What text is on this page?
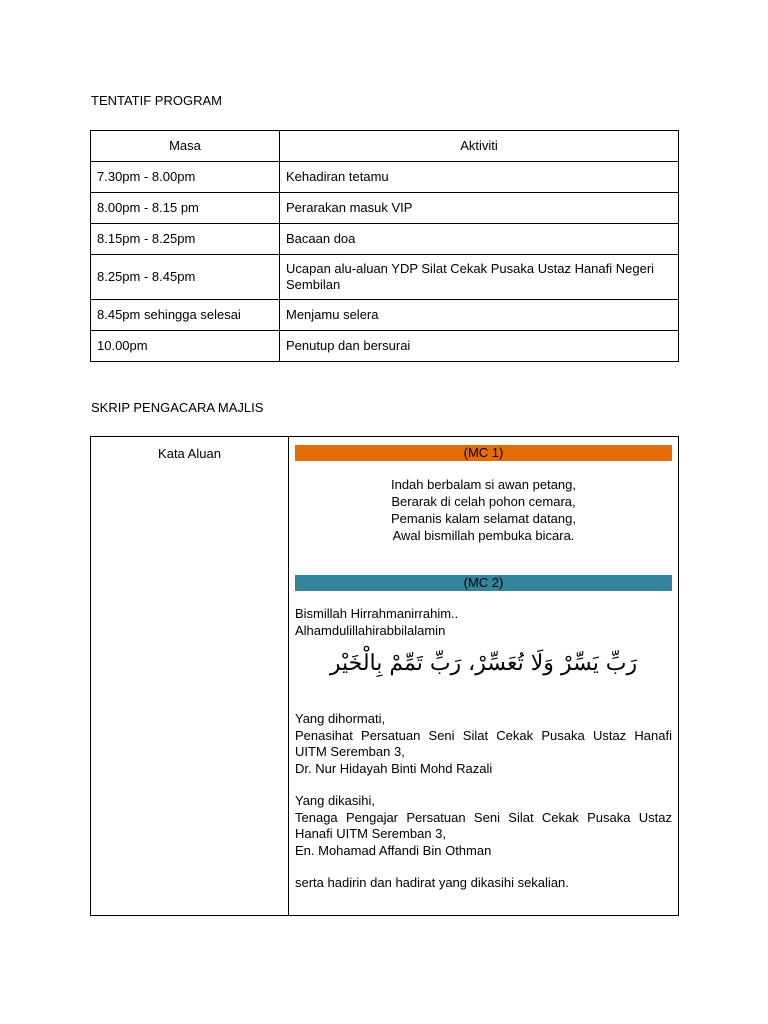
TENTATIF PROGRAM
Masa	Aktiviti
7.30pm - 8.00pm	Kehadiran tetamu
8.00pm - 8.15 pm	Perarakan masuk VIP
8.15pm - 8.25pm	Bacaan doa
8.25pm - 8.45pm	Ucapan alu-aluan YDP Silat Cekak Pusaka Ustaz Hanafi Negeri Sembilan
8.45pm sehingga selesai	Menjamu selera
10.00pm	Penutup dan bersurai
SKRIP PENGACARA MAJLIS
Kata Aluan	(MC 1)
Indah berbalam si awan petang,
Berarak di celah pohon cemara,
Pemanis kalam selamat datang,
Awal bismillah pembuka bicara.
(MC 2)
Bismillah Hirrahmanirrahim..
Alhamdulillahirabbilalamin
رَبِّ يَسِّرْ وَلَا تُعَسِّرْ، رَبِّ تَمِّمْ بِالْخَيْر
Yang dihormati,
Penasihat Persatuan Seni Silat Cekak Pusaka Ustaz Hanafi UITM Seremban 3,
Dr. Nur Hidayah Binti Mohd Razali
Yang dikasihi,
Tenaga Pengajar Persatuan Seni Silat Cekak Pusaka Ustaz Hanafi UITM Seremban 3,
En. Mohamad Affandi Bin Othman
serta hadirin dan hadirat yang dikasihi sekalian.
